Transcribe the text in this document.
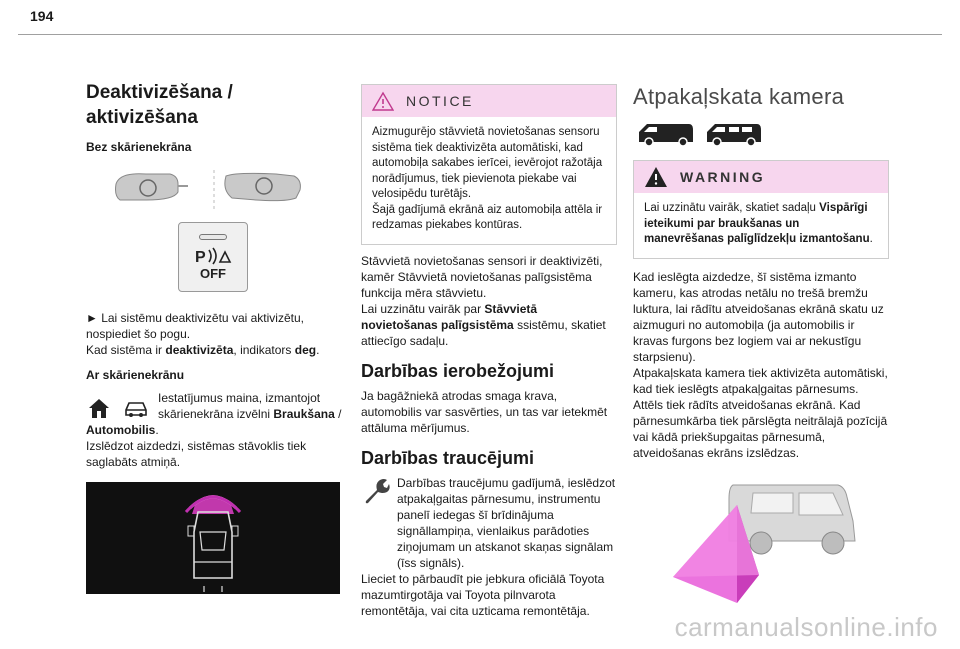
194
Deaktivizēšana /
aktivizēšana
Bez skārienekrāna
P
OFF

► Lai sistēmu deaktivizētu vai aktivizētu, nospiediet šo pogu.

Kad sistēma ir deaktivizēta, indikators deg.

Ar skārienekrānu

Iestatījumus maina, izmantojot skārienekrāna izvēlni Braukšana /

Automobilis.

Izslēdzot aizdedzi, sistēmas stāvoklis tiek saglabāts atmiņā.

NOTICE

Aizmugurējo stāvvietā novietošanas sensoru sistēma tiek deaktivizēta automātiski, kad automobiļa sakabes ierīcei, ievērojot ražotāja norādījumus, tiek pievienota piekabe vai velosipēdu turētājs.

Šajā gadījumā ekrānā aiz automobiļa attēla ir redzamas piekabes kontūras.

Stāvvietā novietošanas sensori ir deaktivizēti, kamēr Stāvvietā novietošanas palīgsistēma funkcija mēra stāvvietu.

Lai uzzinātu vairāk par Stāvvietā novietošanas palīgsistēma ssistēmu, skatiet attiecīgo sadaļu.

Darbības ierobežojumi

Ja bagāžniekā atrodas smaga krava, automobilis var sasvērties, un tas var ietekmēt attāluma mērījumus.

Darbības traucējumi

Darbības traucējumu gadījumā, ieslēdzot atpakaļgaitas pārnesumu, instrumentu panelī iedegas šī brīdinājuma signāllampiņa, vienlaikus parādoties ziņojumam un atskanot skaņas signālam (īss signāls).

Lieciet to pārbaudīt pie jebkura oficiālā Toyota mazumtirgotāja vai Toyota pilnvarota remontētāja, vai cita uzticama remontētāja.

Atpakaļskata kamera
WARNING

Lai uzzinātu vairāk, skatiet sadaļu Vispārīgi ieteikumi par braukšanas un manevrēšanas palīglīdzekļu izmantošanu.

Kad ieslēgta aizdedze, šī sistēma izmanto kameru, kas atrodas netālu no trešā bremžu luktura, lai rādītu atveidošanas ekrānā skatu uz aizmuguri no automobiļa (ja automobilis ir kravas furgons bez logiem vai ar nekustīgu starpsienu).

Atpakaļskata kamera tiek aktivizēta automātiski, kad tiek ieslēgts atpakaļgaitas pārnesums.

Attēls tiek rādīts atveidošanas ekrānā. Kad pārnesumkārba tiek pārslēgta neitrālajā pozīcijā vai kādā priekšupgaitas pārnesumā, atveidošanas ekrāns izslēdzas.

carmanualsonline.info
